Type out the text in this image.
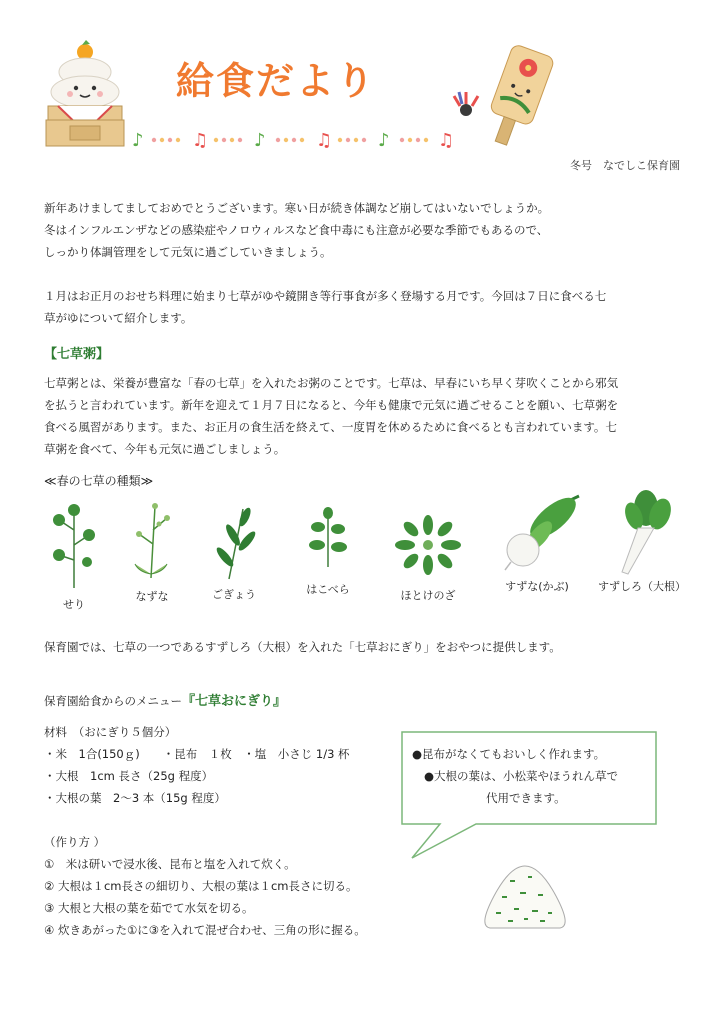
給食だより
♪	♫	♪	♫	♪	♫
冬号　なでしこ保育園
新年あけましてましておめでとうございます。寒い日が続き体調など崩してはいないでしょうか。
冬はインフルエンザなどの感染症やノロウィルスなど食中毒にも注意が必要な季節でもあるので、
しっかり体調管理をして元気に過ごしていきましょう。
１月はお正月のおせち料理に始まり七草がゆや鏡開き等行事食が多く登場する月です。今回は７日に食べる七
草がゆについて紹介します。
【七草粥】
七草粥とは、栄養が豊富な「春の七草」を入れたお粥のことです。七草は、早春にいち早く芽吹くことから邪気
を払うと言われています。新年を迎えて１月７日になると、今年も健康で元気に過ごせることを願い、七草粥を
食べる風習があります。また、お正月の食生活を終えて、一度胃を休めるために食べるとも言われています。七
草粥を食べて、今年も元気に過ごしましょう。
≪春の七草の種類≫
せり
なずな	ごぎょう	はこべら	ほとけのざ
すずな(かぶ)	すずしろ（大根）
保育園では、七草の一つであるすずしろ（大根）を入れた「七草おにぎり」をおやつに提供します。
保育園給食からのメニュー『七草おにぎり』
材料　（おにぎり５個分）
・米　1合(150ｇ)　　・昆布　１枚　・塩　小さじ 1/3 杯
・大根　1cm 長さ（25g 程度）
・大根の葉　2〜3 本（15g 程度）
（作り方 ）
①　米は研いで浸水後、昆布と塩を入れて炊く。
② 大根は１cm長さの細切り、大根の葉は１cm長さに切る。
③ 大根と大根の葉を茹でて水気を切る。
④ 炊きあがった①に③を入れて混ぜ合わせ、三角の形に握る。
●昆布がなくてもおいしく作れます。
●大根の葉は、小松菜やほうれん草で
代用できます。
